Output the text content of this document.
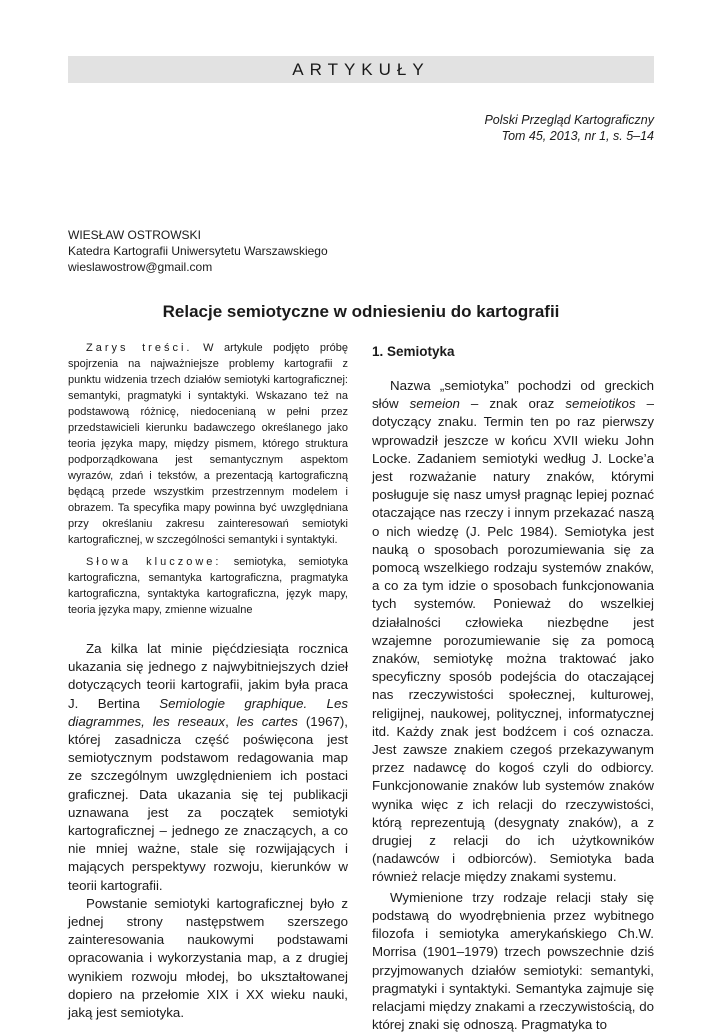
ARTYKUŁY
Polski Przegląd Kartograficzny
Tom 45, 2013, nr 1, s. 5–14
WIESŁAW OSTROWSKI
Katedra Kartografii Uniwersytetu Warszawskiego
wieslawostrow@gmail.com
Relacje semiotyczne w odniesieniu do kartografii

Zarys treści. W artykule podjęto próbę spojrzenia na najważniejsze problemy kartografii z punktu widzenia trzech działów semiotyki kartograficznej: semantyki, pragmatyki i syntaktyki. Wskazano też na podstawową różnicę, niedocenianą w pełni przez przedstawicieli kierunku badawczego określanego jako teoria języka mapy, między pismem, którego struktura podporządkowana jest semantycznym aspektom wyrazów, zdań i tekstów, a prezentacją kartograficzną będącą przede wszystkim przestrzennym modelem i obrazem. Ta specyfika mapy powinna być uwzględniana przy określaniu zakresu zainteresowań semiotyki kartograficznej, w szczególności semantyki i syntaktyki.

Słowa kluczowe: semiotyka, semiotyka kartograficzna, semantyka kartograficzna, pragmatyka kartograficzna, syntaktyka kartograficzna, język mapy, teoria języka mapy, zmienne wizualne

Za kilka lat minie pięćdziesiąta rocznica ukazania się jednego z najwybitniejszych dzieł dotyczących teorii kartografii, jakim była praca J. Bertina Semiologie graphique. Les diagrammes, les reseaux, les cartes (1967), której zasadnicza część poświęcona jest semiotycznym podstawom redagowania map ze szczególnym uwzględnieniem ich postaci graficznej. Data ukazania się tej publikacji uznawana jest za początek semiotyki kartograficznej – jednego ze znaczących, a co nie mniej ważne, stale się rozwijających i mających perspektywy rozwoju, kierunków w teorii kartografii.

Powstanie semiotyki kartograficznej było z jednej strony następstwem szerszego zainteresowania naukowymi podstawami opracowania i wykorzystania map, a z drugiej wynikiem rozwoju młodej, bo ukształtowanej dopiero na przełomie XIX i XX wieku nauki, jaką jest semiotyka.

1. Semiotyka

Nazwa „semiotyka” pochodzi od greckich słów semeion – znak oraz semeiotikos – dotyczący znaku. Termin ten po raz pierwszy wprowadził jeszcze w końcu XVII wieku John Locke. Zadaniem semiotyki według J. Locke’a jest rozważanie natury znaków, którymi posługuje się nasz umysł pragnąc lepiej poznać otaczające nas rzeczy i innym przekazać naszą o nich wiedzę (J. Pelc 1984). Semiotyka jest nauką o sposobach porozumiewania się za pomocą wszelkiego rodzaju systemów znaków, a co za tym idzie o sposobach funkcjonowania tych systemów. Ponieważ do wszelkiej działalności człowieka niezbędne jest wzajemne porozumiewanie się za pomocą znaków, semiotykę można traktować jako specyficzny sposób podejścia do otaczającej nas rzeczywistości społecznej, kulturowej, religijnej, naukowej, politycznej, informatycznej itd. Każdy znak jest bodźcem i coś oznacza. Jest zawsze znakiem czegoś przekazywanym przez nadawcę do kogoś czyli do odbiorcy. Funkcjonowanie znaków lub systemów znaków wynika więc z ich relacji do rzeczywistości, którą reprezentują (desygnaty znaków), a z drugiej z relacji do ich użytkowników (nadawców i odbiorców). Semiotyka bada również relacje między znakami systemu.

Wymienione trzy rodzaje relacji stały się podstawą do wyodrębnienia przez wybitnego filozofa i semiotyka amerykańskiego Ch.W. Morrisa (1901–1979) trzech powszechnie dziś przyjmowanych działów semiotyki: semantyki, pragmatyki i syntaktyki. Semantyka zajmuje się relacjami między znakami a rzeczywistością, do której znaki się odnoszą. Pragmatyka to
